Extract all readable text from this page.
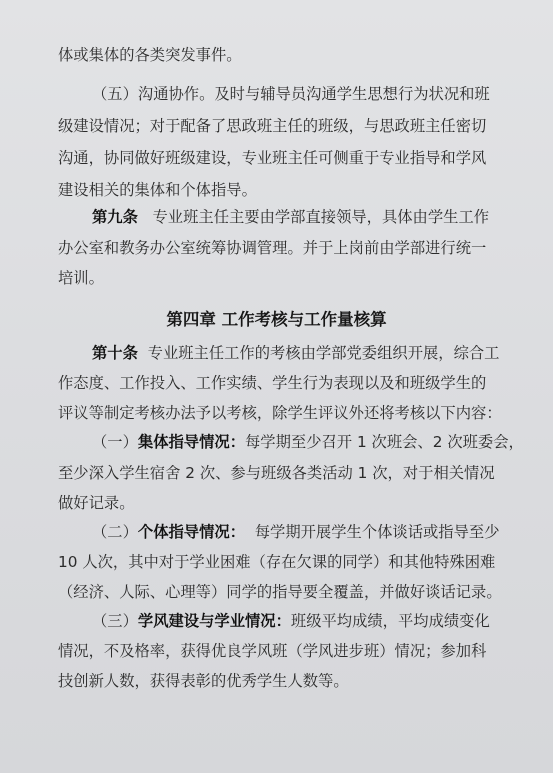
体或集体的各类突发事件。
（五）沟通协作。及时与辅导员沟通学生思想行为状况和班
级建设情况；对于配备了思政班主任的班级，与思政班主任密切
沟通，协同做好班级建设，专业班主任可侧重于专业指导和学风
建设相关的集体和个体指导。
第九条 专业班主任主要由学部直接领导，具体由学生工作
办公室和教务办公室统筹协调管理。并于上岗前由学部进行统一
培训。
第四章 工作考核与工作量核算
第十条 专业班主任工作的考核由学部党委组织开展，综合工
作态度、工作投入、工作实绩、学生行为表现以及和班级学生的
评议等制定考核办法予以考核，除学生评议外还将考核以下内容：
（一）集体指导情况：每学期至少召开 1 次班会、2 次班委会，
至少深入学生宿舍 2 次、参与班级各类活动 1 次，对于相关情况
做好记录。
（二）个体指导情况： 每学期开展学生个体谈话或指导至少
10 人次，其中对于学业困难（存在欠课的同学）和其他特殊困难
（经济、人际、心理等）同学的指导要全覆盖，并做好谈话记录。
（三）学风建设与学业情况：班级平均成绩，平均成绩变化
情况，不及格率，获得优良学风班（学风进步班）情况；参加科
技创新人数，获得表彰的优秀学生人数等。
